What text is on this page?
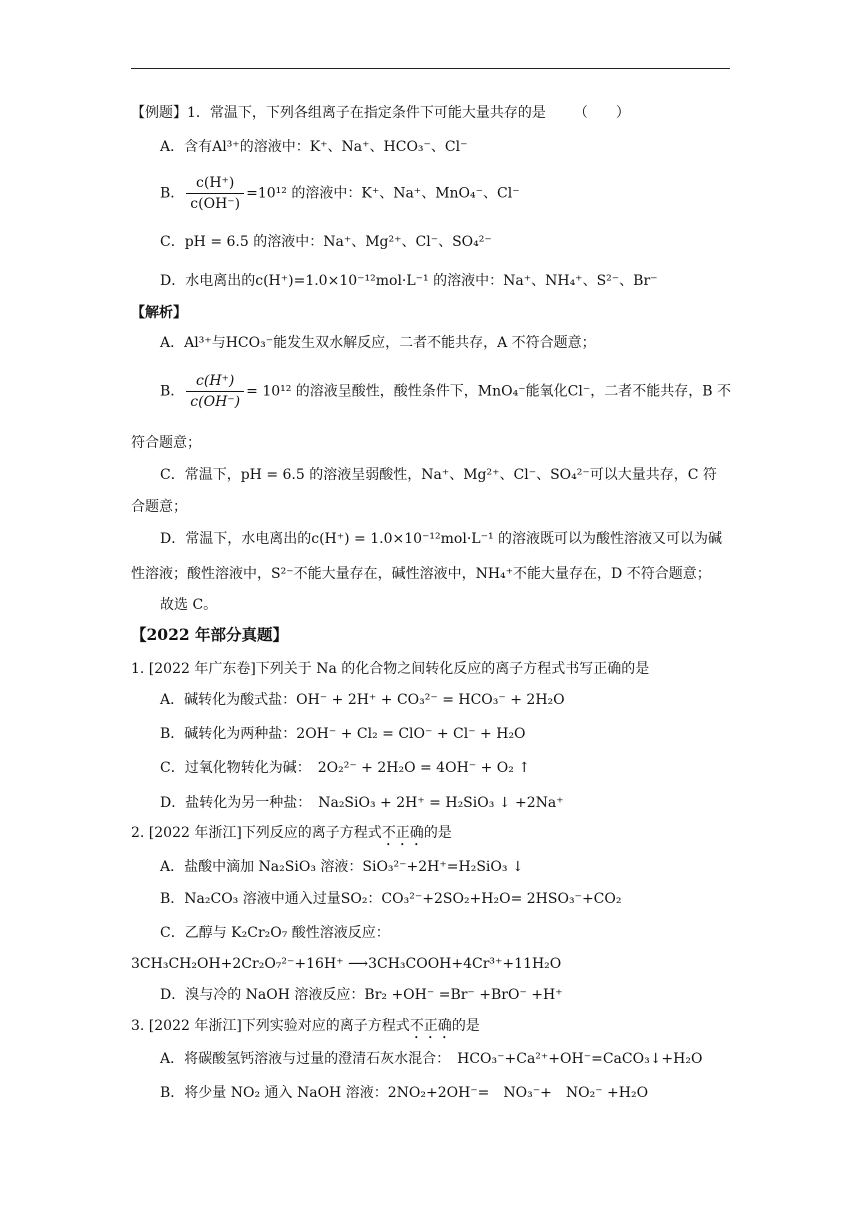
【例题】1．常温下，下列各组离子在指定条件下可能大量共存的是 （　　）
A．含有Al³⁺的溶液中：K⁺、Na⁺、HCO₃⁻、Cl⁻
B． $\frac{c(H^+)}{c(OH^-)} =10^{12}$ 的溶液中：K⁺、Na⁺、MnO₄⁻、Cl⁻
C．pH = 6.5 的溶液中：Na⁺、Mg²⁺、Cl⁻、SO₄²⁻
D．水电离出的c(H⁺)=1.0×10⁻¹²mol·L⁻¹ 的溶液中：Na⁺、NH₄⁺、S²⁻、Br⁻
【解析】
A．Al³⁺与HCO₃⁻能发生双水解反应，二者不能共存，A 不符合题意；
B． $\frac{c(H^+)}{c(OH^-)} = 10^{12}$ 的溶液呈酸性，酸性条件下，MnO₄⁻能氧化Cl⁻，二者不能共存，B 不
符合题意；
C．常温下，pH = 6.5 的溶液呈弱酸性，Na⁺、Mg²⁺、Cl⁻、SO₄²⁻可以大量共存，C 符
合题意；
D．常温下，水电离出的c(H⁺) = 1.0×10⁻¹²mol·L⁻¹ 的溶液既可以为酸性溶液又可以为碱
性溶液；酸性溶液中，S²⁻不能大量存在，碱性溶液中，NH₄⁺不能大量存在，D 不符合题意；
故选 C。
【2022 年部分真题】
1. [2022 年广东卷]下列关于 Na 的化合物之间转化反应的离子方程式书写正确的是
A．碱转化为酸式盐：OH⁻ + 2H⁺ + CO₃²⁻ = HCO₃⁻ + 2H₂O
B．碱转化为两种盐：2OH⁻ + Cl₂ = ClO⁻ + Cl⁻ + H₂O
C．过氧化物转化为碱：　2O₂²⁻ + 2H₂O = 4OH⁻ + O₂ ↑
D．盐转化为另一种盐：　Na₂SiO₃ + 2H⁺ = H₂SiO₃ ↓ +2Na⁺
2. [2022 年浙江]下列反应的离子方程式不正确的是
A．盐酸中滴加 Na₂SiO₃ 溶液：SiO₃²⁻+2H⁺=H₂SiO₃ ↓
B．Na₂CO₃ 溶液中通入过量SO₂：CO₃²⁻+2SO₂+H₂O= 2HSO₃⁻+CO₂
C．乙醇与 K₂Cr₂O₇ 酸性溶液反应：
3CH₃CH₂OH+2Cr₂O₇²⁻+16H⁺ ⟶3CH₃COOH+4Cr³⁺+11H₂O
D．溴与冷的 NaOH 溶液反应：Br₂ +OH⁻ =Br⁻ +BrO⁻ +H⁺
3. [2022 年浙江]下列实验对应的离子方程式不正确的是
A．将碳酸氢钙溶液与过量的澄清石灰水混合：　HCO₃⁻+Ca²⁺+OH⁻=CaCO₃↓+H₂O
B．将少量 NO₂ 通入 NaOH 溶液：2NO₂+2OH⁻=　NO₃⁻+　NO₂⁻ +H₂O
